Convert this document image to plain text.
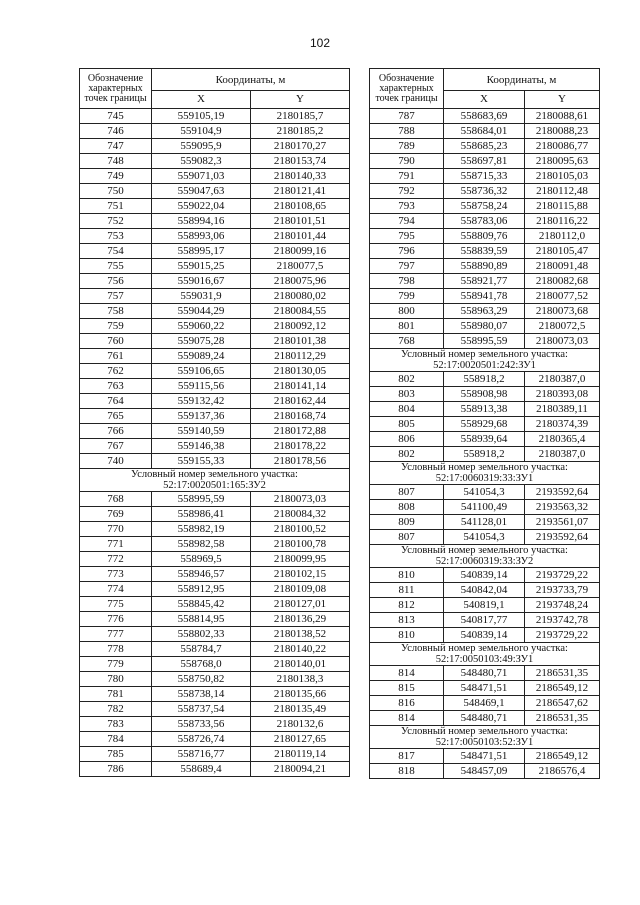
102
Обозначение характерных точек границы	Координаты, м	
	X	Y
745	559105,19	2180185,7
746	559104,9	2180185,2
747	559095,9	2180170,27
748	559082,3	2180153,74
749	559071,03	2180140,33
750	559047,63	2180121,41
751	559022,04	2180108,65
752	558994,16	2180101,51
753	558993,06	2180101,44
754	558995,17	2180099,16
755	559015,25	2180077,5
756	559016,67	2180075,96
757	559031,9	2180080,02
758	559044,29	2180084,55
759	559060,22	2180092,12
760	559075,28	2180101,38
761	559089,24	2180112,29
762	559106,65	2180130,05
763	559115,56	2180141,14
764	559132,42	2180162,44
765	559137,36	2180168,74
766	559140,59	2180172,88
767	559146,38	2180178,22
740	559155,33	2180178,56
Условный номер земельного участка: 52:17:0020501:165:ЗУ2		
768	558995,59	2180073,03
769	558986,41	2180084,32
770	558982,19	2180100,52
771	558982,58	2180100,78
772	558969,5	2180099,95
773	558946,57	2180102,15
774	558912,95	2180109,08
775	558845,42	2180127,01
776	558814,95	2180136,29
777	558802,33	2180138,52
778	558784,7	2180140,22
779	558768,0	2180140,01
780	558750,82	2180138,3
781	558738,14	2180135,66
782	558737,54	2180135,49
783	558733,56	2180132,6
784	558726,74	2180127,65
785	558716,77	2180119,14
786	558689,4	2180094,21
Обозначение характерных точек границы	Координаты, м	
	X	Y
787	558683,69	2180088,61
788	558684,01	2180088,23
789	558685,23	2180086,77
790	558697,81	2180095,63
791	558715,33	2180105,03
792	558736,32	2180112,48
793	558758,24	2180115,88
794	558783,06	2180116,22
795	558809,76	2180112,0
796	558839,59	2180105,47
797	558890,89	2180091,48
798	558921,77	2180082,68
799	558941,78	2180077,52
800	558963,29	2180073,68
801	558980,07	2180072,5
768	558995,59	2180073,03
Условный номер земельного участка: 52:17:0020501:242:ЗУ1		
802	558918,2	2180387,0
803	558908,98	2180393,08
804	558913,38	2180389,11
805	558929,68	2180374,39
806	558939,64	2180365,4
802	558918,2	2180387,0
Условный номер земельного участка: 52:17:0060319:33:ЗУ1		
807	541054,3	2193592,64
808	541100,49	2193563,32
809	541128,01	2193561,07
807	541054,3	2193592,64
Условный номер земельного участка: 52:17:0060319:33:ЗУ2		
810	540839,14	2193729,22
811	540842,04	2193733,79
812	540819,1	2193748,24
813	540817,77	2193742,78
810	540839,14	2193729,22
Условный номер земельного участка: 52:17:0050103:49:ЗУ1		
814	548480,71	2186531,35
815	548471,51	2186549,12
816	548469,1	2186547,62
814	548480,71	2186531,35
Условный номер земельного участка: 52:17:0050103:52:ЗУ1		
817	548471,51	2186549,12
818	548457,09	2186576,4
